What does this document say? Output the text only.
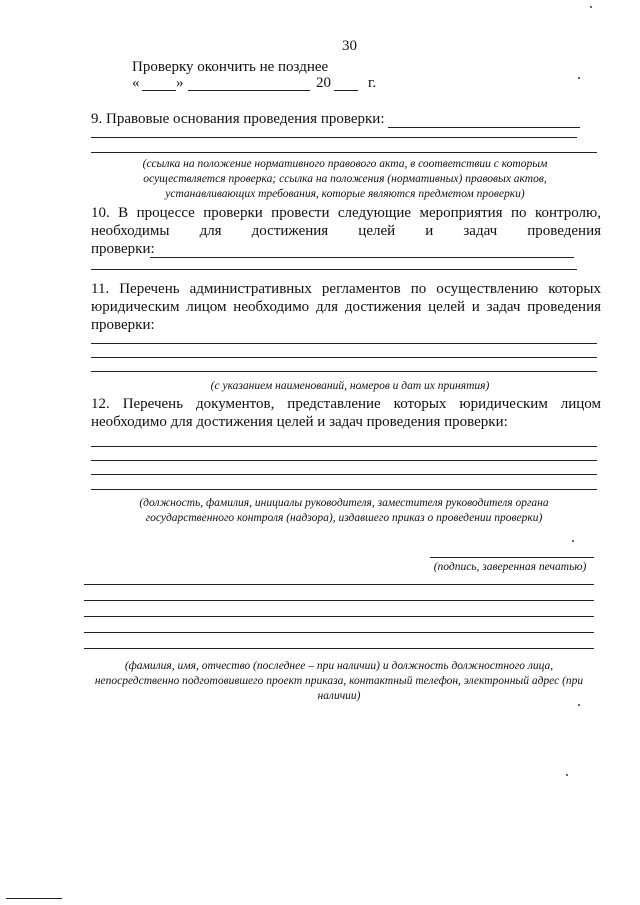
30
Проверку окончить не позднее
« »	20 г.
9. Правовые основания проведения проверки:
(ссылка на положение нормативного правового акта, в соответствии с которым осуществляется проверка; ссылка на положения (нормативных) правовых актов, устанавливающих требования, которые являются предметом проверки)
10. В процессе проверки провести следующие мероприятия по контролю,
необходимы для достижения целей и задач проведения
проверки:
11. Перечень административных регламентов по осуществлению которых юридическим лицом необходимо для достижения целей и задач проведения проверки:
(с указанием наименований, номеров и дат их принятия)
12. Перечень документов, представление которых юридическим лицом необходимо для достижения целей и задач проведения проверки:
(должность, фамилия, инициалы руководителя, заместителя руководителя органа государственного контроля (надзора), издавшего приказ о проведении проверки)
(подпись, заверенная печатью)
(фамилия, имя, отчество (последнее – при наличии) и должность должностного лица, непосредственно подготовившего проект приказа, контактный телефон, электронный адрес (при наличии)
